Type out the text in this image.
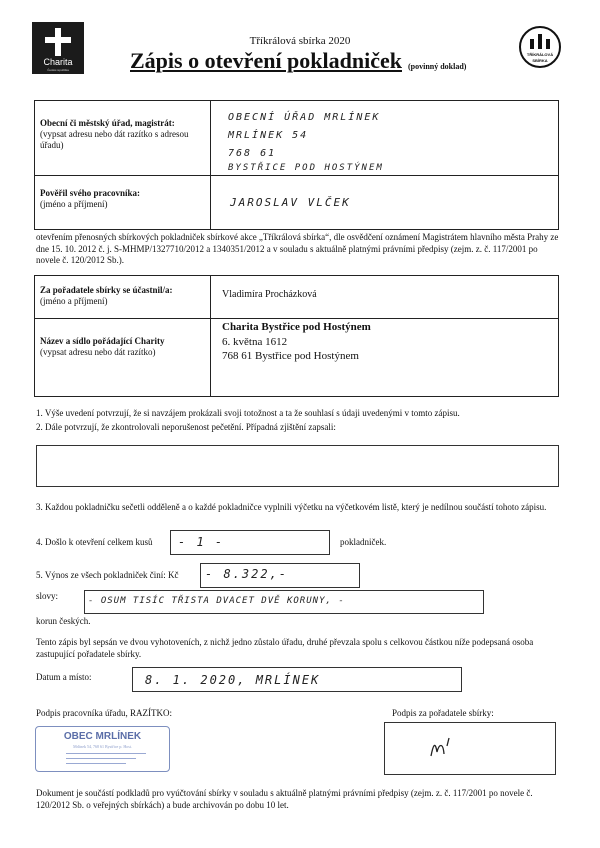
Charita
Česká republika
TŘÍKRÁLOVÁ
SBÍRKA
Tříkrálová sbírka 2020
Zápis o otevření pokladniček (povinný doklad)
Obecní či městský úřad, magistrát:
(vypsat adresu nebo dát razítko s adresou úřadu)
OBECNÍ ÚŘAD MRLÍNEK
MRLÍNEK 54
768 61
BYSTŘICE POD HOSTÝNEM
Pověřil svého pracovníka:
(jméno a příjmení)	JAROSLAV VLČEK
otevřením přenosných sbírkových pokladniček sbírkové akce „Tříkrálová sbírka“, dle osvědčení oznámení Magistrátem hlavního města Prahy ze dne 15. 10. 2012 č. j. S-MHMP/1327710/2012 a 1340351/2012 a v souladu s aktuálně platnými právními předpisy (zejm. z. č. 117/2001 po novele č. 120/2012 Sb.).
Za pořadatele sbírky se účastnil/a:
(jméno a příjmení)
Vladimíra Procházková
Název a sídlo pořádající Charity
(vypsat adresu nebo dát razítko)
Charita Bystřice pod Hostýnem
6. května 1612
768 61 Bystřice pod Hostýnem
1. Výše uvedení potvrzují, že si navzájem prokázali svoji totožnost a ta že souhlasí s údaji uvedenými v tomto zápisu.
2. Dále potvrzují, že zkontrolovali neporušenost pečetění. Případná zjištění zapsali:
3. Každou pokladničku sečetli odděleně a o každé pokladničce vyplnili výčetku na výčetkovém listě, který je nedílnou součástí tohoto zápisu.
4. Došlo k otevření celkem kusů - 1 -	pokladniček.
5. Výnos ze všech pokladniček činí: Kč - 8.322,-
slovy:	- OSUM TISÍC TŘISTA DVACET DVĚ KORUNY, -
korun českých.
Tento zápis byl sepsán ve dvou vyhotoveních, z nichž jedno zůstalo úřadu, druhé převzala spolu s celkovou částkou níže podepsaná osoba zastupující pořadatele sbírky.
Datum a místo:	8. 1. 2020, MRLÍNEK
Podpis pracovníka úřadu, RAZÍTKO:	Podpis za pořadatele sbírky:
OBEC MRLÍNEK
Mrlínek 54, 768 61 Bystřice p. Host.
Dokument je součástí podkladů pro vyúčtování sbírky v souladu s aktuálně platnými právními předpisy (zejm. z. č. 117/2001 po novele č. 120/2012 Sb. o veřejných sbírkách) a bude archivován po dobu 10 let.
